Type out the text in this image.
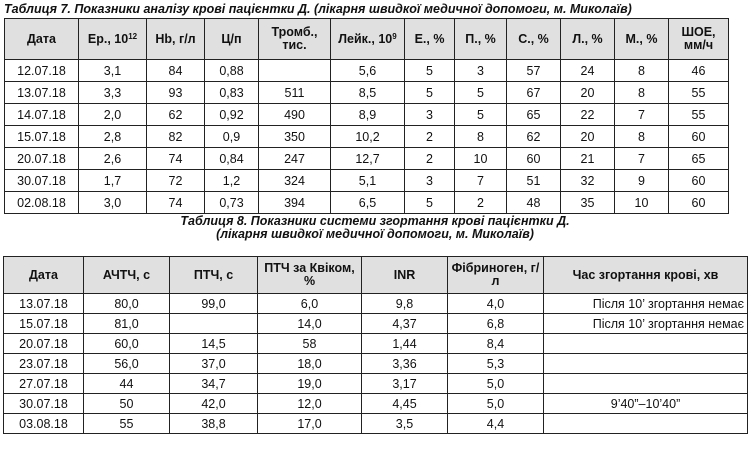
Таблиця 7. Показники аналізу крові пацієнтки Д. (лікарня швидкої медичної допомоги, м. Миколаїв)
Дата	Ер., $10^{12}$	Hb, г/л	Ц/п	Тромб., тис.	Лейк., $10^9$	Е., %	П., %	С., %	Л., %	М., %	ШОЕ, мм/ч
12.07.18	3,1	84	0,88		5,6	5	3	57	24	8	46
13.07.18	3,3	93	0,83	511	8,5	5	5	67	20	8	55
14.07.18	2,0	62	0,92	490	8,9	3	5	65	22	7	55
15.07.18	2,8	82	0,9	350	10,2	2	8	62	20	8	60
20.07.18	2,6	74	0,84	247	12,7	2	10	60	21	7	65
30.07.18	1,7	72	1,2	324	5,1	3	7	51	32	9	60
02.08.18	3,0	74	0,73	394	6,5	5	2	48	35	10	60
Таблиця 8. Показники системи згортання крові пацієнтки Д.
(лікарня швидкої медичної допомоги, м. Миколаїв)
Дата	АЧТЧ, с	ПТЧ, с	ПТЧ за Квіком, %	INR	Фібриноген, г/л	Час згортання крові, хв
13.07.18	80,0	99,0	6,0	9,8	4,0	Після 10’ згортання немає
15.07.18	81,0		14,0	4,37	6,8	Після 10’ згортання немає
20.07.18	60,0	14,5	58	1,44	8,4	
23.07.18	56,0	37,0	18,0	3,36	5,3	
27.07.18	44	34,7	19,0	3,17	5,0	
30.07.18	50	42,0	12,0	4,45	5,0	9’40”–10’40”
03.08.18	55	38,8	17,0	3,5	4,4	
